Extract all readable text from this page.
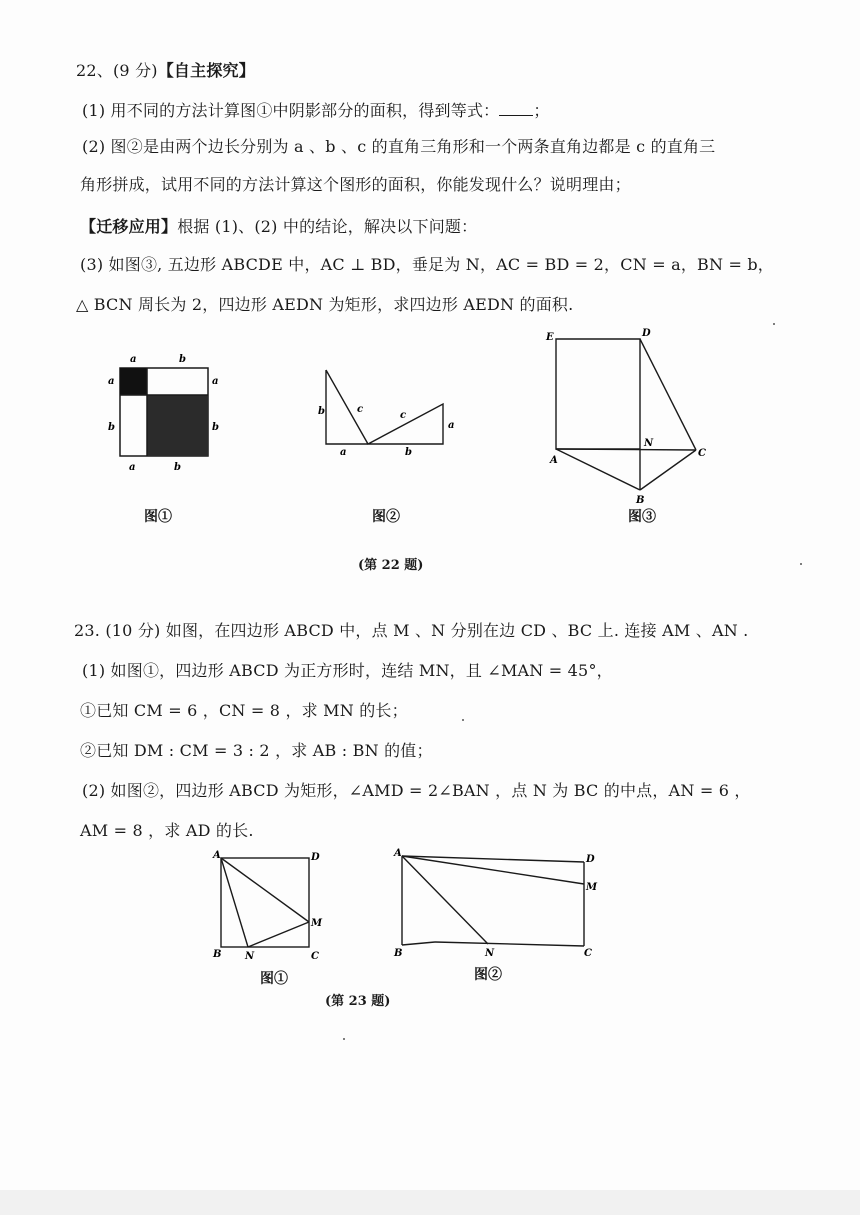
22、(9 分)【自主探究】
(1) 用不同的方法计算图①中阴影部分的面积，得到等式： ；
(2) 图②是由两个边长分别为 a 、b 、c 的直角三角形和一个两条直角边都是 c 的直角三
角形拼成，试用不同的方法计算这个图形的面积，你能发现什么？说明理由；
【迁移应用】根据 (1)、(2) 中的结论，解决以下问题：
(3) 如图③, 五边形 ABCDE 中，AC ⊥ BD，垂足为 N，AC = BD = 2，CN = a，BN = b，
△ BCN 周长为 2，四边形 AEDN 为矩形，求四边形 AEDN 的面积.
a	b
a
b
a
b
a	b
图①
b	c
c
a
a	b
图②
E	D
N
A
C
B
图③
(第 22 题)
23. (10 分) 如图，在四边形 ABCD 中，点 M 、N 分别在边 CD 、BC 上. 连接 AM 、AN .
(1) 如图①，四边形 ABCD 为正方形时，连结 MN，且 ∠MAN = 45°，
①已知 CM = 6 ，CN = 8 ，求 MN 的长；
②已知 DM : CM = 3 : 2 ，求 AB : BN 的值；
(2) 如图②，四边形 ABCD 为矩形，∠AMD = 2∠BAN ，点 N 为 BC 的中点，AN = 6 ，
AM = 8 ，求 AD 的长.
A	D
M
B N	C
图①
A
D
M
B	N	C
图②
(第 23 题)
